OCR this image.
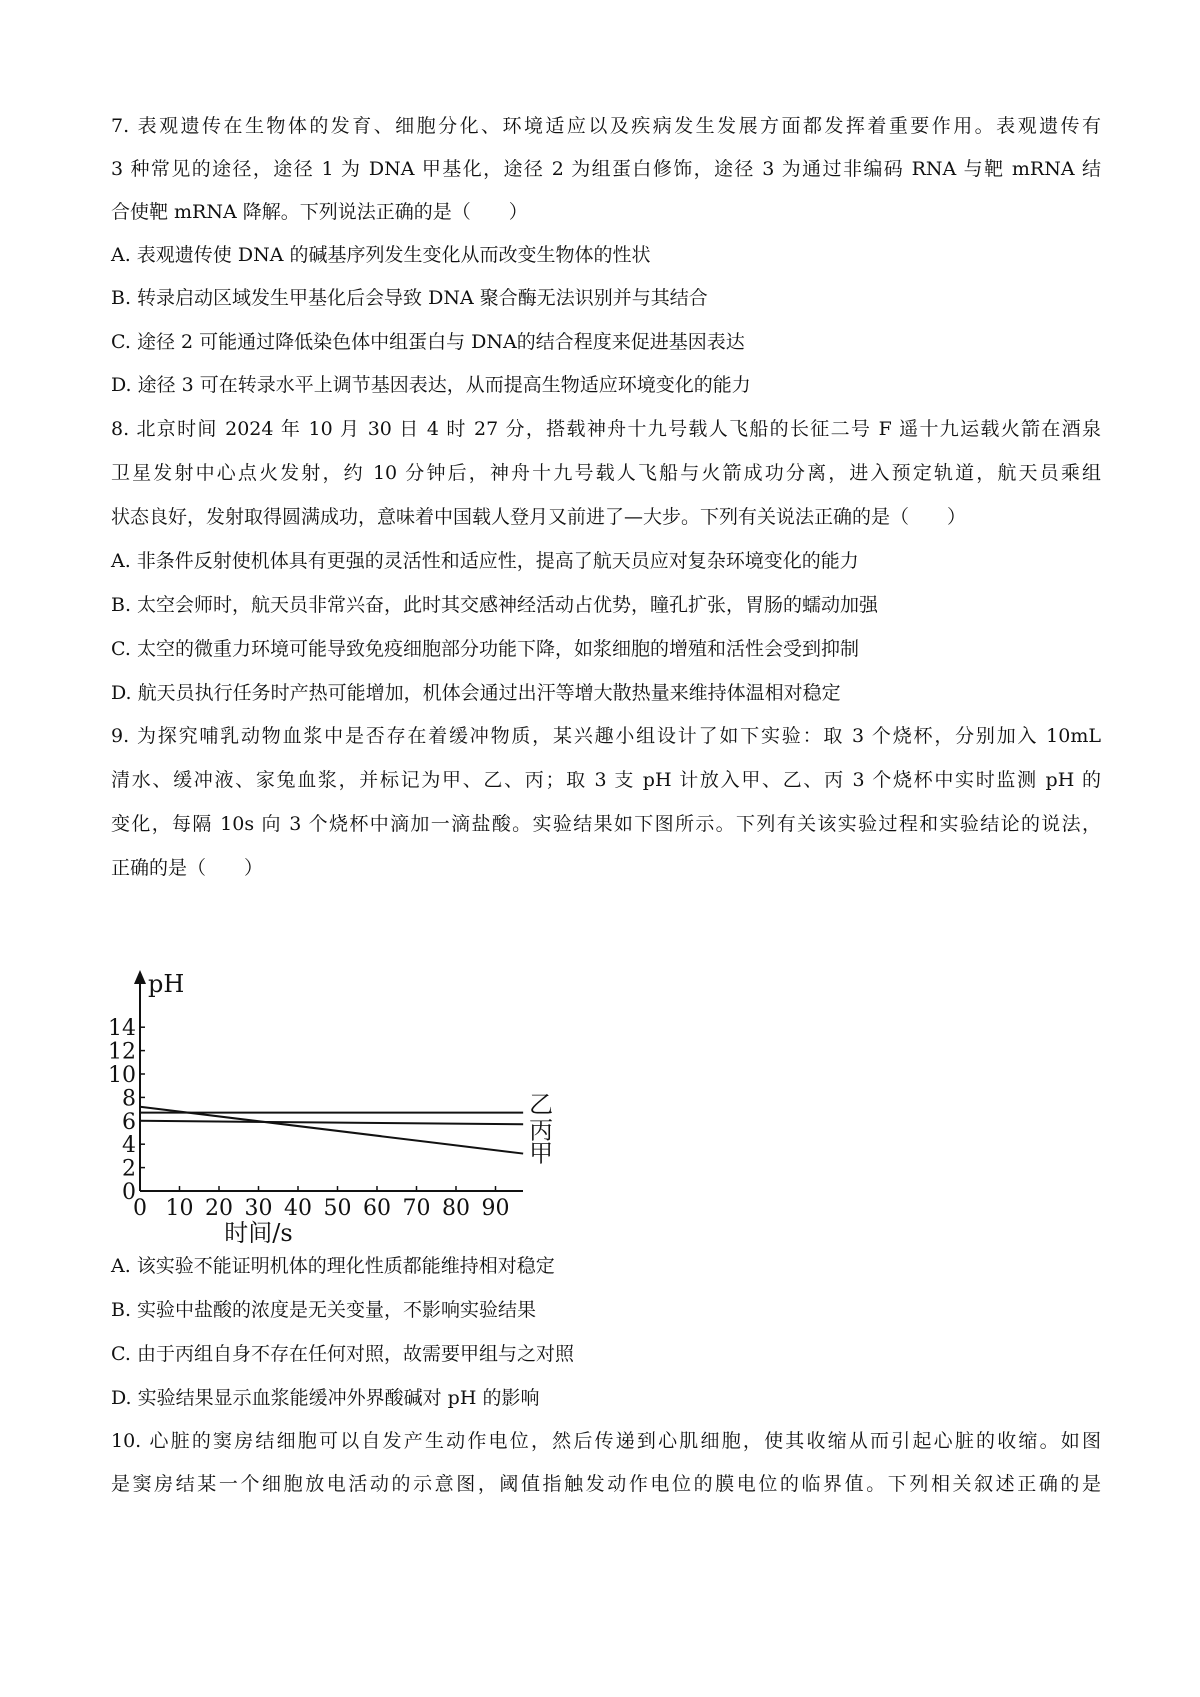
7. 表观遗传在生物体的发育、细胞分化、环境适应以及疾病发生发展方面都发挥着重要作用。表观遗传有
3 种常见的途径，途径 1 为 DNA 甲基化，途径 2 为组蛋白修饰，途径 3 为通过非编码 RNA 与靶 mRNA 结
合使靶 mRNA 降解。下列说法正确的是（　　）
A. 表观遗传使 DNA 的碱基序列发生变化从而改变生物体的性状
B. 转录启动区域发生甲基化后会导致 DNA 聚合酶无法识别并与其结合
C. 途径 2 可能通过降低染色体中组蛋白与 DNA的结合程度来促进基因表达
D. 途径 3 可在转录水平上调节基因表达，从而提高生物适应环境变化的能力
8. 北京时间 2024 年 10 月 30 日 4 时 27 分，搭载神舟十九号载人飞船的长征二号 F 遥十九运载火箭在酒泉
卫星发射中心点火发射，约 10 分钟后，神舟十九号载人飞船与火箭成功分离，进入预定轨道，航天员乘组
状态良好，发射取得圆满成功，意味着中国载人登月又前进了—大步。下列有关说法正确的是（　　）
A. 非条件反射使机体具有更强的灵活性和适应性，提高了航天员应对复杂环境变化的能力
B. 太空会师时，航天员非常兴奋，此时其交感神经活动占优势，瞳孔扩张，胃肠的蠕动加强
C. 太空的微重力环境可能导致免疫细胞部分功能下降，如浆细胞的增殖和活性会受到抑制
D. 航天员执行任务时产热可能增加，机体会通过出汗等增大散热量来维持体温相对稳定
9. 为探究哺乳动物血浆中是否存在着缓冲物质，某兴趣小组设计了如下实验：取 3 个烧杯，分别加入 10mL
清水、缓冲液、家兔血浆，并标记为甲、乙、丙；取 3 支 pH 计放入甲、乙、丙 3 个烧杯中实时监测 pH 的
变化，每隔 10s 向 3 个烧杯中滴加一滴盐酸。实验结果如下图所示。下列有关该实验过程和实验结论的说法，
正确的是（　　）
0
2
4
6
8
10
12
14
0 10 20 30 40 50 60 70 80 90
pH
时间/s
乙
丙
甲
A. 该实验不能证明机体的理化性质都能维持相对稳定
B. 实验中盐酸的浓度是无关变量，不影响实验结果
C. 由于丙组自身不存在任何对照，故需要甲组与之对照
D. 实验结果显示血浆能缓冲外界酸碱对 pH 的影响
10. 心脏的窦房结细胞可以自发产生动作电位，然后传递到心肌细胞，使其收缩从而引起心脏的收缩。如图
是窦房结某一个细胞放电活动的示意图，阈值指触发动作电位的膜电位的临界值。下列相关叙述正确的是
